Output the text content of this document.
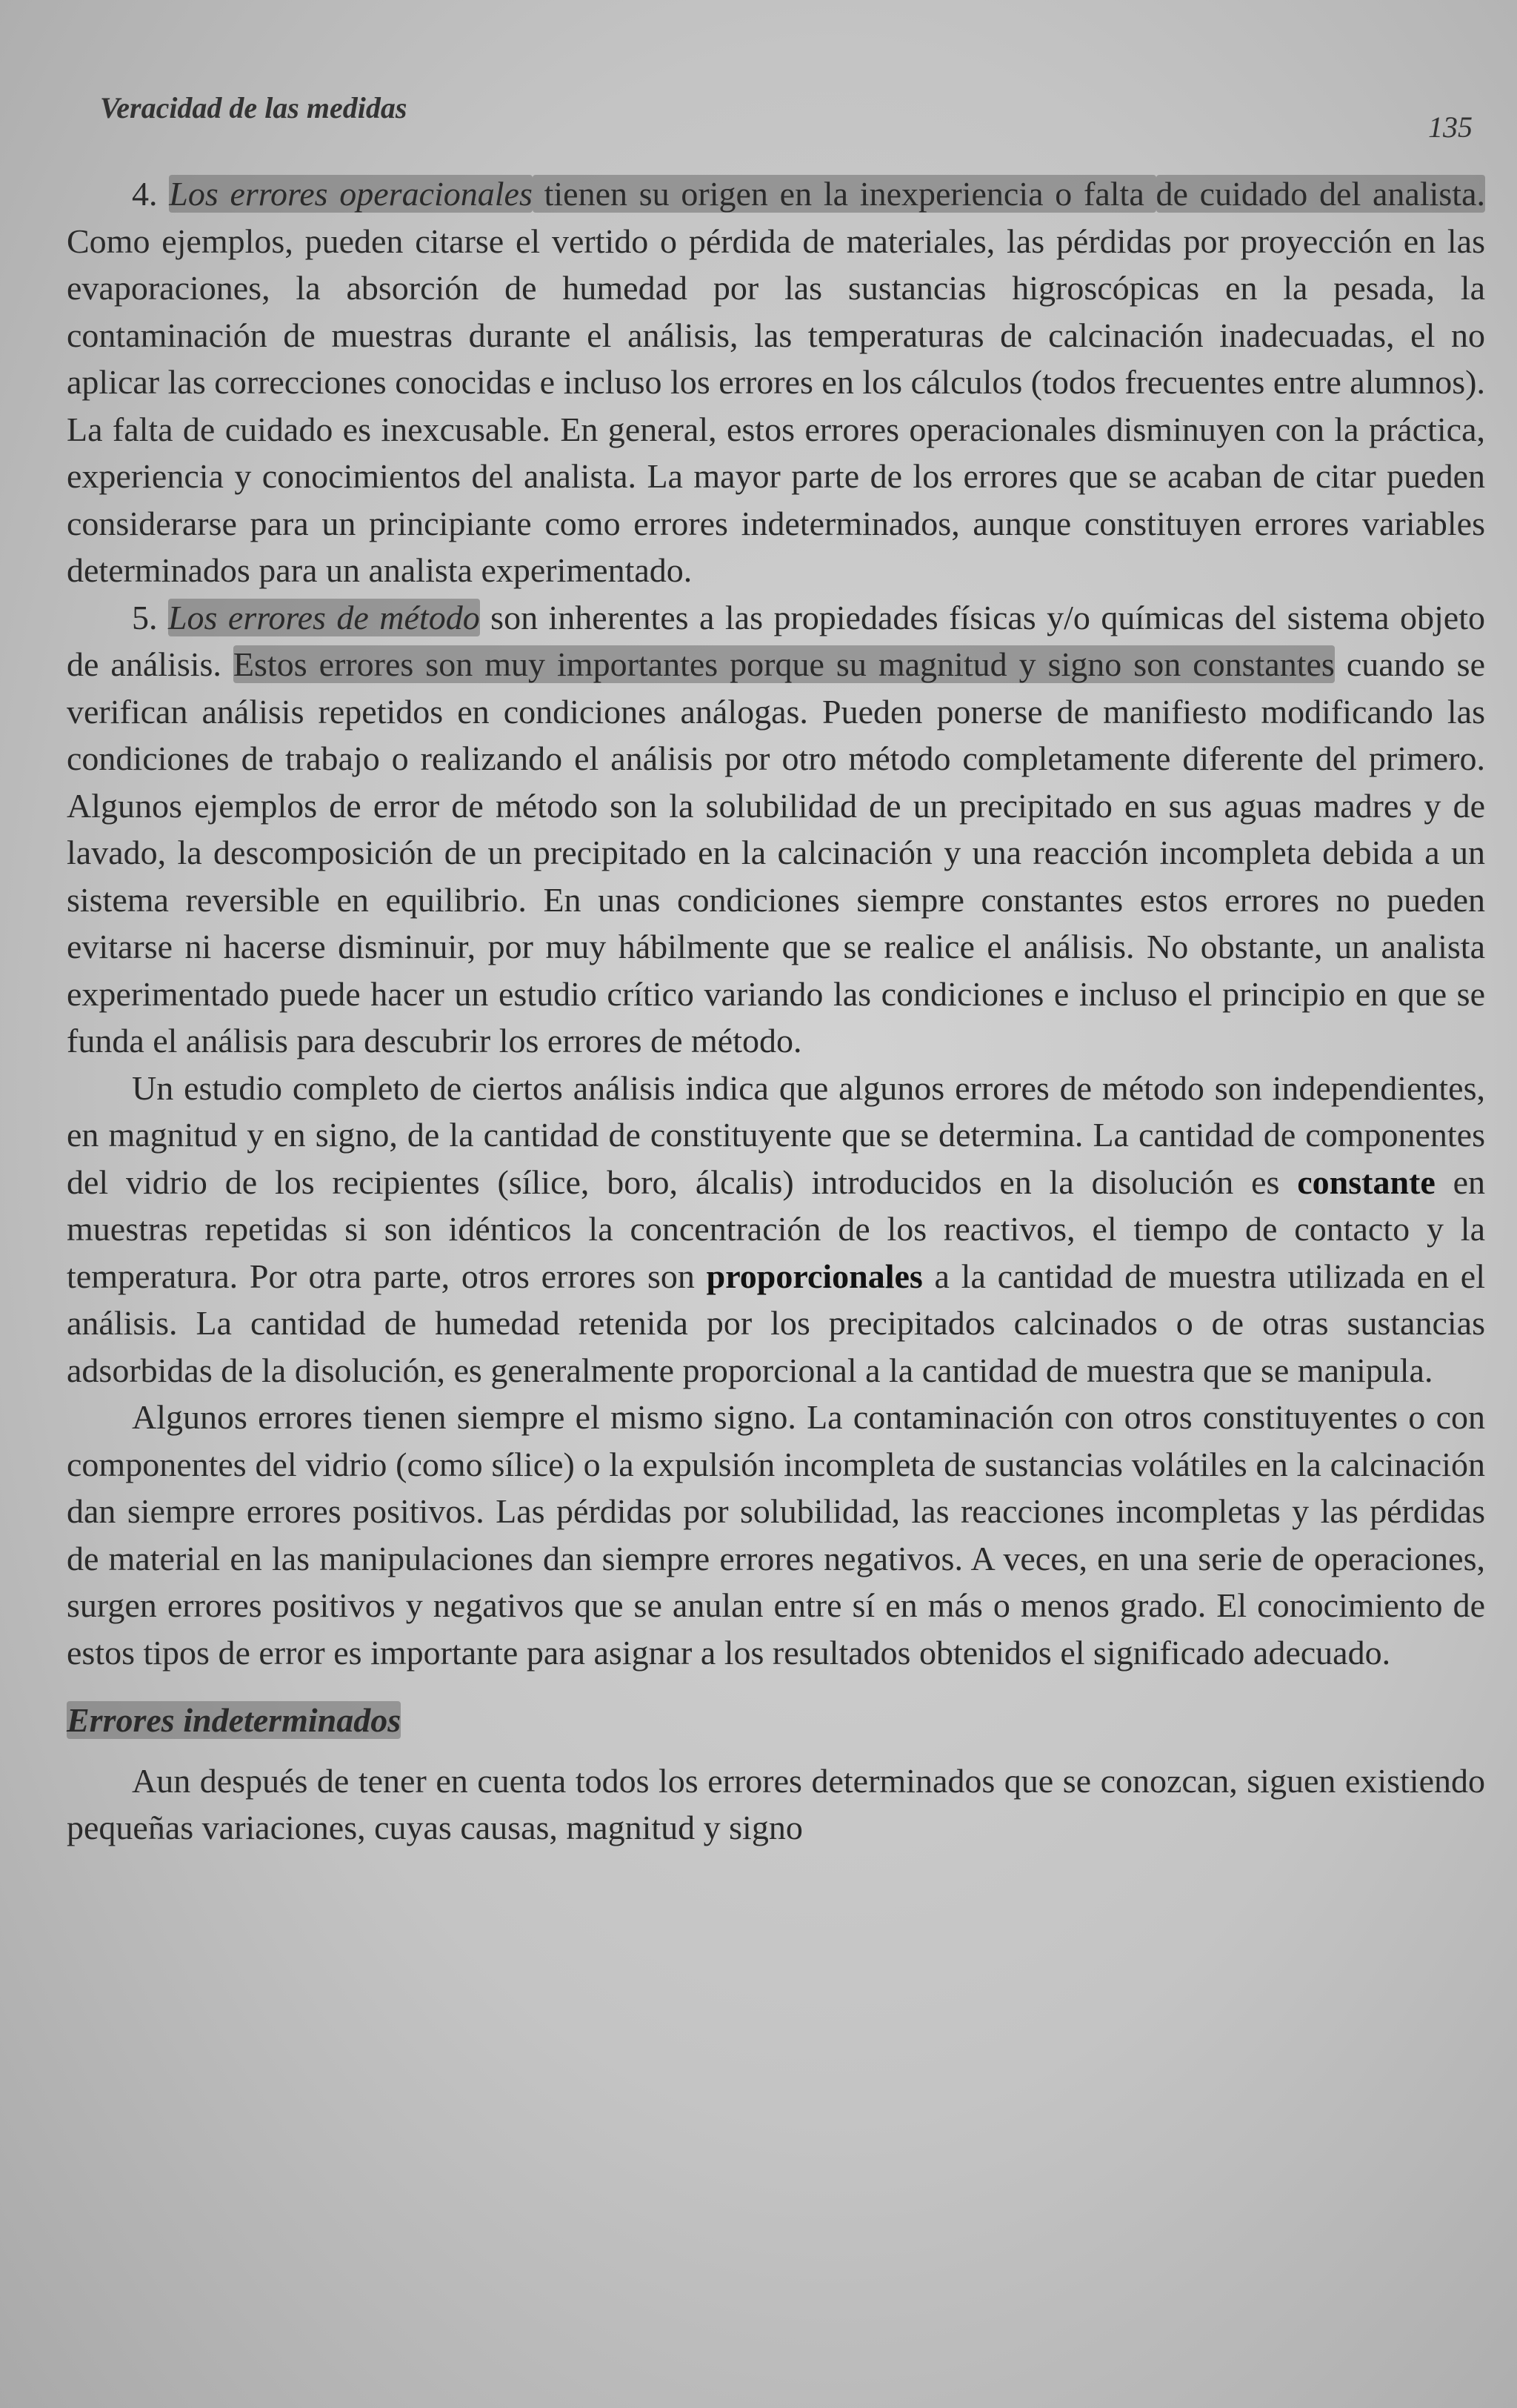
Veracidad de las medidas
135

4. Los errores operacionales tienen su origen en la inexperiencia o falta de cuidado del analista. Como ejemplos, pueden citarse el vertido o pérdida de materiales, las pérdidas por proyección en las evaporaciones, la absorción de humedad por las sustancias higroscópicas en la pesada, la contaminación de muestras durante el análisis, las temperaturas de calcinación inadecuadas, el no aplicar las correcciones conocidas e incluso los errores en los cálculos (todos frecuentes entre alumnos). La falta de cuidado es inexcusable. En general, estos errores operacionales disminuyen con la práctica, experiencia y conocimientos del analista. La mayor parte de los errores que se acaban de citar pueden considerarse para un principiante como errores indeterminados, aunque constituyen errores variables determinados para un analista experimentado.

5. Los errores de método son inherentes a las propiedades físicas y/o químicas del sistema objeto de análisis. Estos errores son muy importantes porque su magnitud y signo son constantes cuando se verifican análisis repetidos en condiciones análogas. Pueden ponerse de manifiesto modificando las condiciones de trabajo o realizando el análisis por otro método completamente diferente del primero. Algunos ejemplos de error de método son la solubilidad de un precipitado en sus aguas madres y de lavado, la descomposición de un precipitado en la calcinación y una reacción incompleta debida a un sistema reversible en equilibrio. En unas condiciones siempre constantes estos errores no pueden evitarse ni hacerse disminuir, por muy hábilmente que se realice el análisis. No obstante, un analista experimentado puede hacer un estudio crítico variando las condiciones e incluso el principio en que se funda el análisis para descubrir los errores de método.

Un estudio completo de ciertos análisis indica que algunos errores de método son independientes, en magnitud y en signo, de la cantidad de constituyente que se determina. La cantidad de componentes del vidrio de los recipientes (sílice, boro, álcalis) introducidos en la disolución es constante en muestras repetidas si son idénticos la concentración de los reactivos, el tiempo de contacto y la temperatura. Por otra parte, otros errores son proporcionales a la cantidad de muestra utilizada en el análisis. La cantidad de humedad retenida por los precipitados calcinados o de otras sustancias adsorbidas de la disolución, es generalmente proporcional a la cantidad de muestra que se manipula.

Algunos errores tienen siempre el mismo signo. La contaminación con otros constituyentes o con componentes del vidrio (como sílice) o la expulsión incompleta de sustancias volátiles en la calcinación dan siempre errores positivos. Las pérdidas por solubilidad, las reacciones incompletas y las pérdidas de material en las manipulaciones dan siempre errores negativos. A veces, en una serie de operaciones, surgen errores positivos y negativos que se anulan entre sí en más o menos grado. El conocimiento de estos tipos de error es importante para asignar a los resultados obtenidos el significado adecuado.

Errores indeterminados

Aun después de tener en cuenta todos los errores determinados que se conozcan, siguen existiendo pequeñas variaciones, cuyas causas, magnitud y signo
